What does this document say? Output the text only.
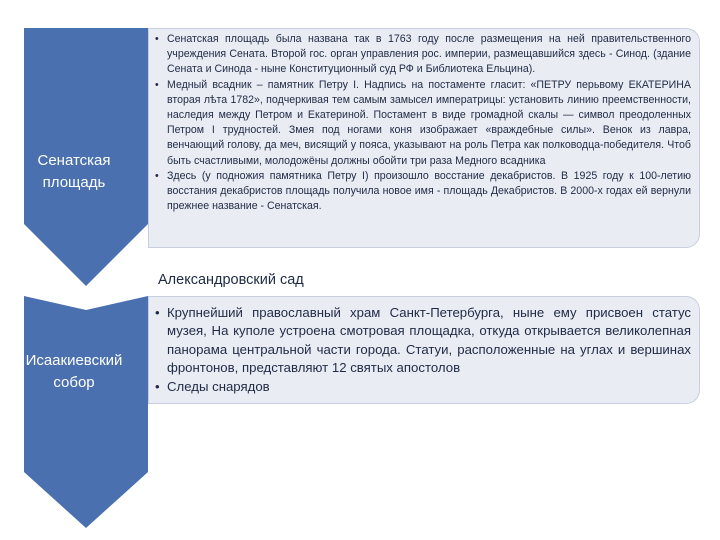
Сенатская площадь
• Сенатская площадь была названа так в 1763 году после размещения на ней правительственного учреждения Сената. Второй гос. орган управления рос. империи, размещавшийся здесь - Синод. (здание Сената и Синода - ныне Конституционный суд РФ и Библиотека Ельцина).
• Медный всадник – памятник Петру I. Надпись на постаменте гласит: «ПЕТРУ перьвому ЕКАТЕРИНА вторая лѣта 1782», подчеркивая тем самым замысел императрицы: установить линию преемственности, наследия между Петром и Екатериной. Постамент в виде громадной скалы — символ преодоленных Петром I трудностей. Змея под ногами коня изображает «враждебные силы». Венок из лавра, венчающий голову, да меч, висящий у пояса, указывают на роль Петра как полководца-победителя. Чтоб быть счастливыми, молодожёны должны обойти три раза Медного всадника
• Здесь (у подножия памятника Петру I) произошло восстание декабристов. В 1925 году к 100-летию восстания декабристов площадь получила новое имя - площадь Декабристов. В 2000-х годах ей вернули прежнее название - Сенатская.
Александровский сад
Исаакиевский собор
• Крупнейший православный храм Санкт-Петербурга, ныне ему присвоен статус музея, На куполе устроена смотровая площадка, откуда открывается великолепная панорама центральной части города. Статуи, расположенные на углах и вершинах фронтонов, представляют 12 святых апостолов
• Следы снарядов
